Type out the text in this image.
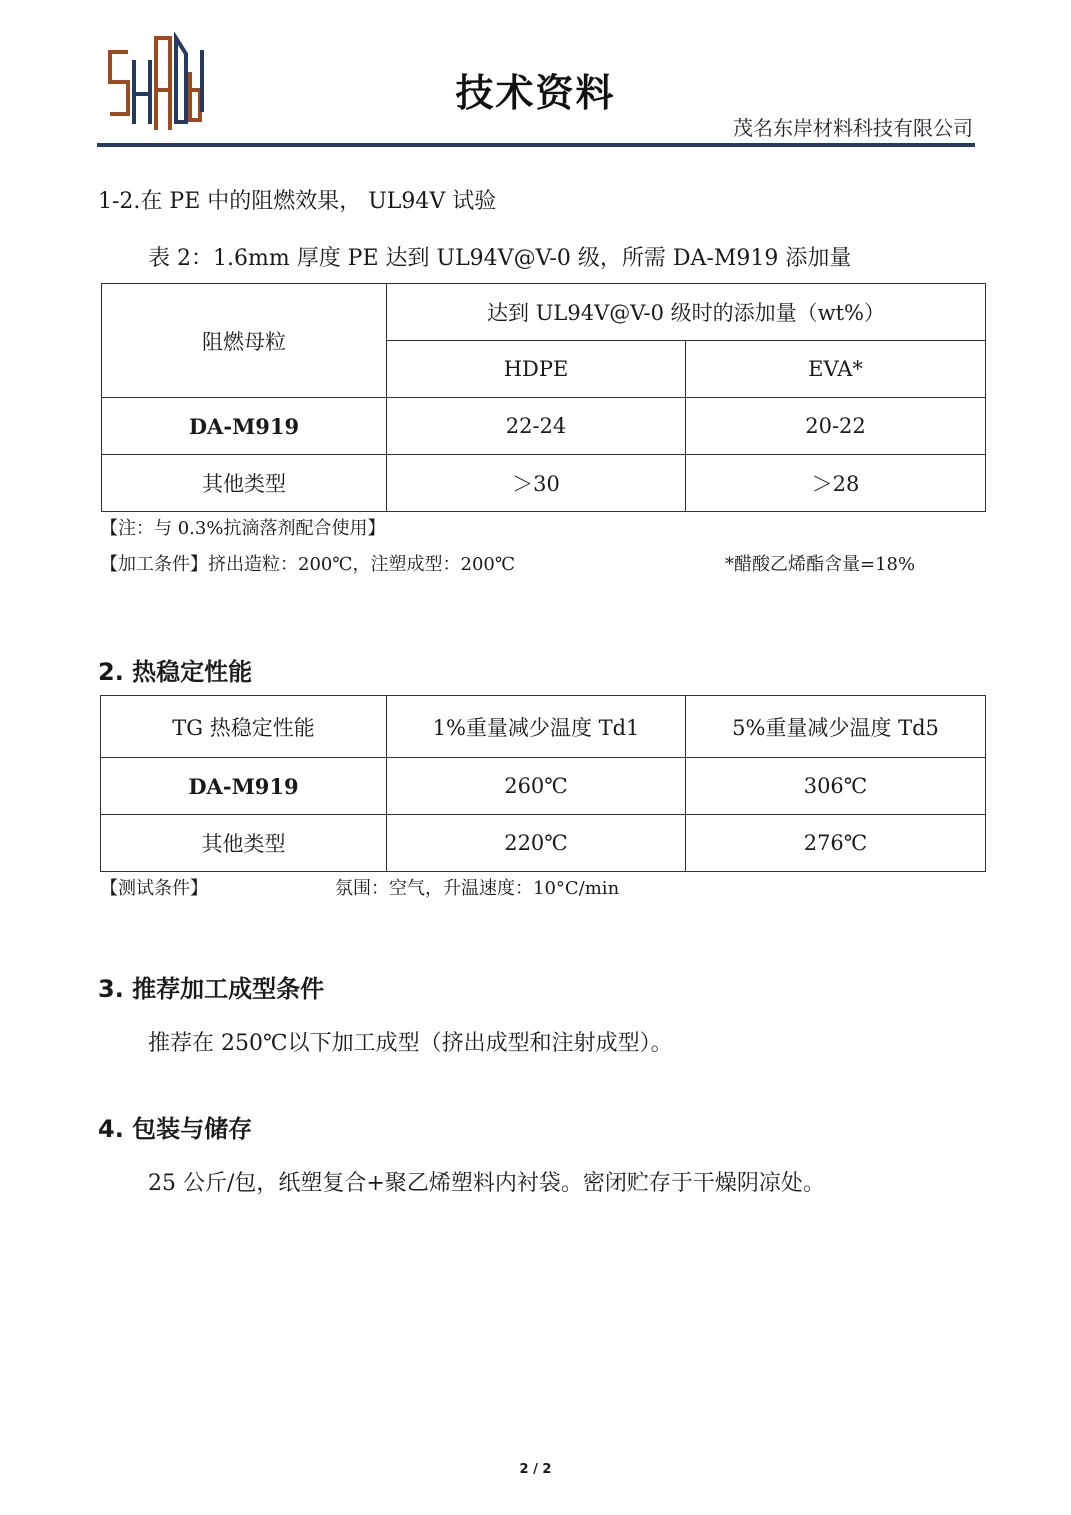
技术资料
茂名东岸材料科技有限公司
1-2.在 PE 中的阻燃效果， UL94V 试验
表 2：1.6mm 厚度 PE 达到 UL94V@V-0 级，所需 DA-M919 添加量
阻燃母粒	达到 UL94V@V-0 级时的添加量（wt%）	
	HDPE	EVA*
DA-M919	22-24	20-22
其他类型	＞30	＞28
【注：与 0.3%抗滴落剂配合使用】
【加工条件】挤出造粒：200℃，注塑成型：200℃	*醋酸乙烯酯含量=18%
2. 热稳定性能
TG 热稳定性能	1%重量减少温度 Td1	5%重量减少温度 Td5
DA-M919	260℃	306℃
其他类型	220℃	276℃
【测试条件】	氛围：空气，升温速度：10°C/min
3. 推荐加工成型条件
推荐在 250℃以下加工成型（挤出成型和注射成型）。
4. 包装与储存
25 公斤/包，纸塑复合+聚乙烯塑料内衬袋。密闭贮存于干燥阴凉处。
2 / 2
